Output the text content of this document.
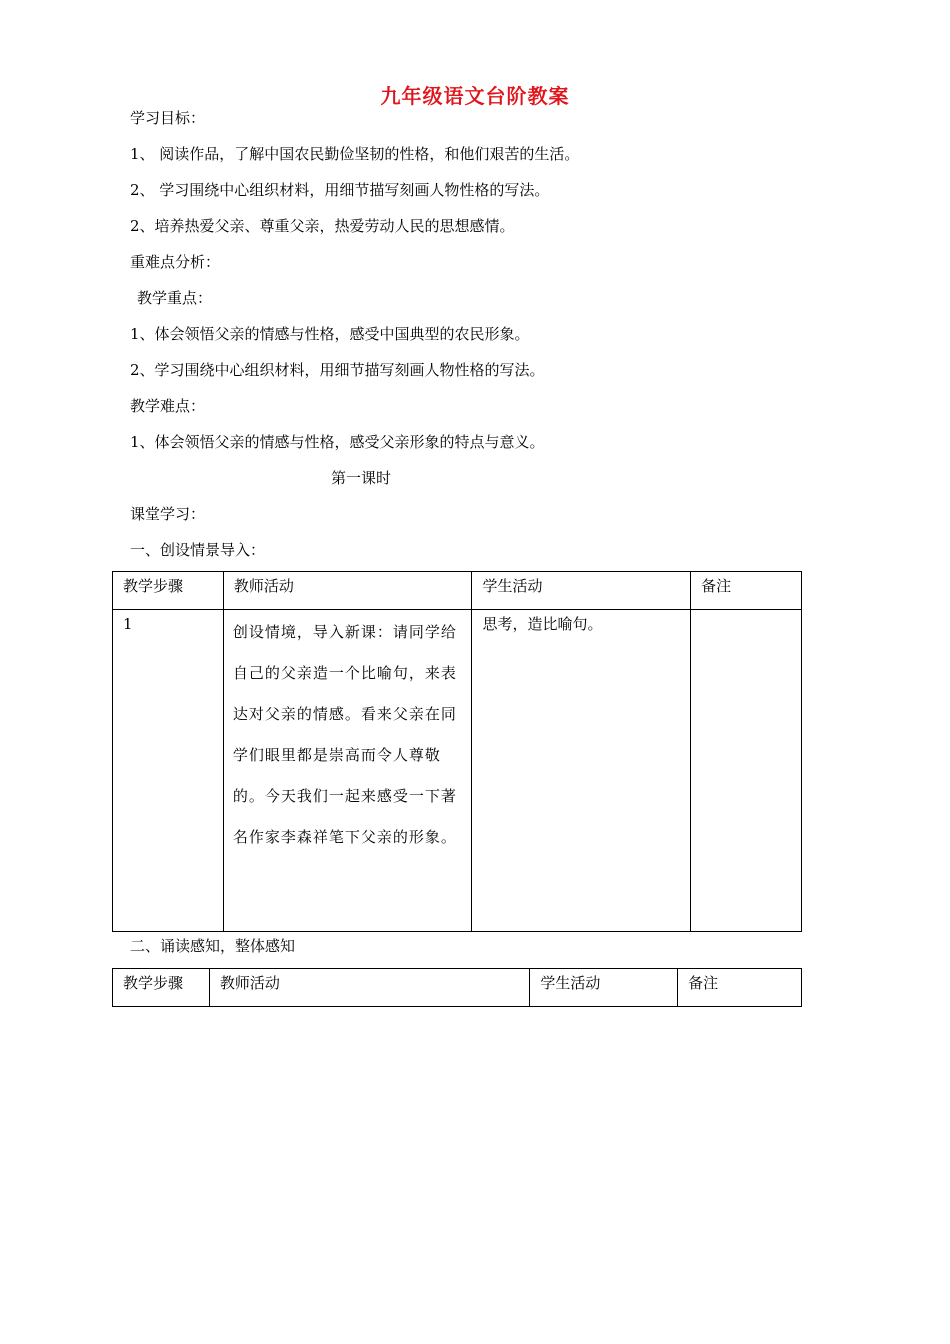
九年级语文台阶教案
学习目标：
1、 阅读作品，了解中国农民勤俭坚韧的性格，和他们艰苦的生活。
2、 学习围绕中心组织材料，用细节描写刻画人物性格的写法。
2、培养热爱父亲、尊重父亲，热爱劳动人民的思想感情。
重难点分析：
教学重点：
1、体会领悟父亲的情感与性格，感受中国典型的农民形象。
2、学习围绕中心组织材料，用细节描写刻画人物性格的写法。
教学难点：
1、体会领悟父亲的情感与性格，感受父亲形象的特点与意义。
第一课时
课堂学习：
一、创设情景导入：
教学步骤	教师活动	学生活动	备注

1	创设情境，导入新课：请同学给自己的父亲造一个比喻句，来表达对父亲的情感。看来父亲在同学们眼里都是崇高而令人尊敬的。今天我们一起来感受一下著名作家李森祥笔下父亲的形象。	思考，造比喻句。	

二、诵读感知，整体感知
教学步骤	教师活动	学生活动	备注
